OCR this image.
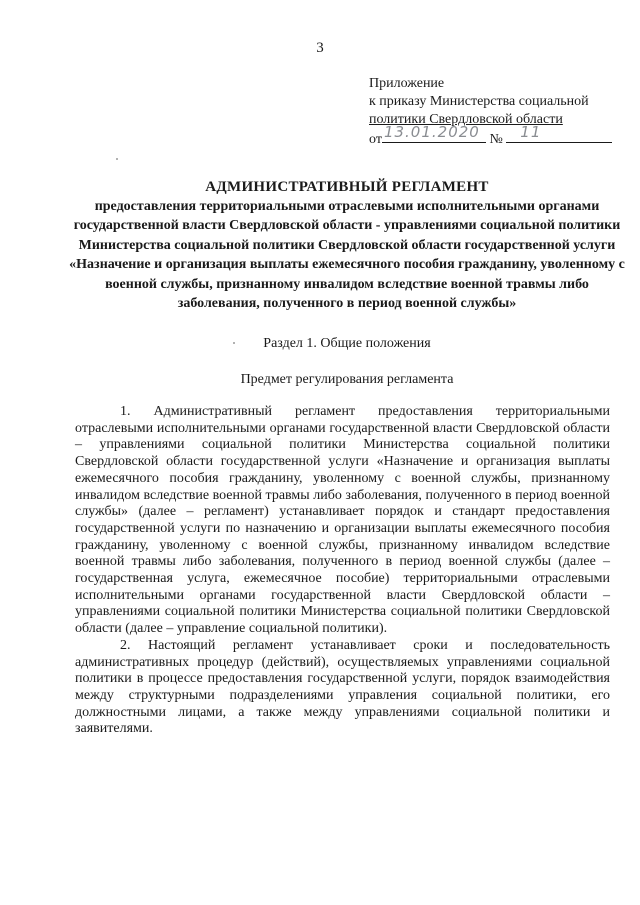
3
Приложение
к приказу Министерства социальной
политики Свердловской области
от 13.01.2020 № 11
АДМИНИСТРАТИВНЫЙ РЕГЛАМЕНТ
предоставления территориальными отраслевыми исполнительными органами государственной власти Свердловской области - управлениями социальной политики Министерства социальной политики Свердловской области государственной услуги «Назначение и организация выплаты ежемесячного пособия гражданину, уволенному с военной службы, признанному инвалидом вследствие военной травмы либо заболевания, полученного в период военной службы»
Раздел 1. Общие положения
Предмет регулирования регламента

1. Административный регламент предоставления территориальными отраслевыми исполнительными органами государственной власти Свердловской области – управлениями социальной политики Министерства социальной политики Свердловской области государственной услуги «Назначение и организация выплаты ежемесячного пособия гражданину, уволенному с военной службы, признанному инвалидом вследствие военной травмы либо заболевания, полученного в период военной службы» (далее – регламент) устанавливает порядок и стандарт предоставления государственной услуги по назначению и организации выплаты ежемесячного пособия гражданину, уволенному с военной службы, признанному инвалидом вследствие военной травмы либо заболевания, полученного в период военной службы (далее – государственная услуга, ежемесячное пособие) территориальными отраслевыми исполнительными органами государственной власти Свердловской области – управлениями социальной политики Министерства социальной политики Свердловской области (далее – управление социальной политики).

2. Настоящий регламент устанавливает сроки и последовательность административных процедур (действий), осуществляемых управлениями социальной политики в процессе предоставления государственной услуги, порядок взаимодействия между структурными подразделениями управления социальной политики, его должностными лицами, а также между управлениями социальной политики и заявителями.
